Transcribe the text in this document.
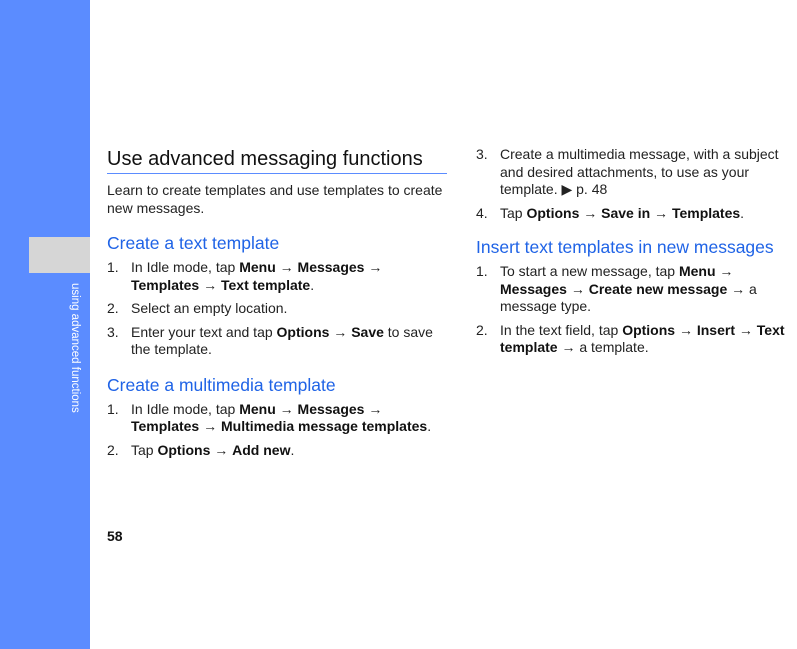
using advanced functions
Use advanced messaging functions
Learn to create templates and use templates to create new messages.
Create a text template
1. In Idle mode, tap Menu → Messages → Templates → Text template.
2. Select an empty location.
3. Enter your text and tap Options → Save to save the template.
Create a multimedia template
1. In Idle mode, tap Menu → Messages → Templates → Multimedia message templates.
2. Tap Options → Add new.
3. Create a multimedia message, with a subject and desired attachments, to use as your template. ▶ p. 48
4. Tap Options → Save in → Templates.
Insert text templates in new messages
1. To start a new message, tap Menu → Messages → Create new message → a message type.
2. In the text field, tap Options → Insert → Text template → a template.
58
